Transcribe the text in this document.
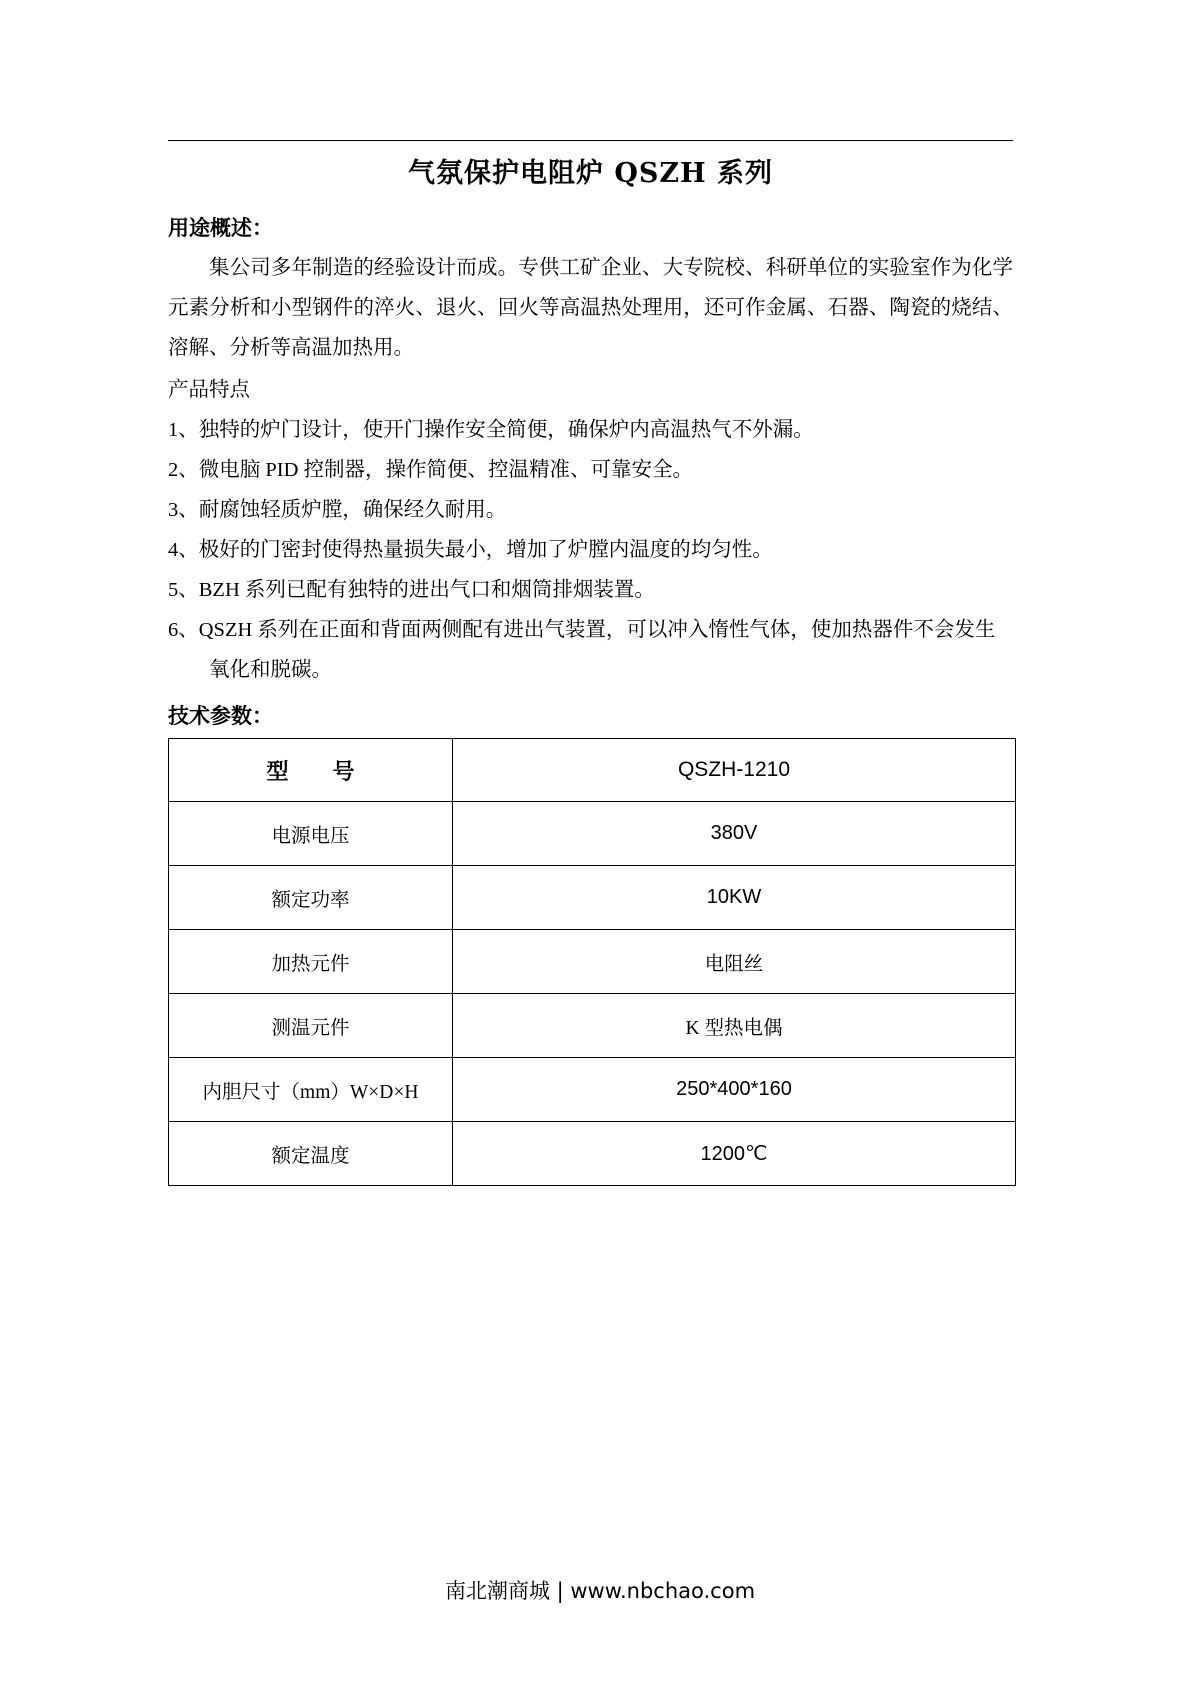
气氛保护电阻炉 QSZH 系列
用途概述：
集公司多年制造的经验设计而成。专供工矿企业、大专院校、科研单位的实验室作为化学元素分析和小型钢件的淬火、退火、回火等高温热处理用，还可作金属、石器、陶瓷的烧结、溶解、分析等高温加热用。
产品特点
1、独特的炉门设计，使开门操作安全简便，确保炉内高温热气不外漏。
2、微电脑 PID 控制器，操作简便、控温精准、可靠安全。
3、耐腐蚀轻质炉膛，确保经久耐用。
4、极好的门密封使得热量损失最小，增加了炉膛内温度的均匀性。
5、BZH 系列已配有独特的进出气口和烟筒排烟装置。
6、QSZH 系列在正面和背面两侧配有进出气装置，可以冲入惰性气体，使加热器件不会发生
氧化和脱碳。
技术参数：
型　　号	QSZH-1210
电源电压	380V
额定功率	10KW
加热元件	电阻丝
测温元件	K 型热电偶
内胆尺寸（mm）W×D×H	250*400*160
额定温度	1200℃
南北潮商城 | www.nbchao.com
